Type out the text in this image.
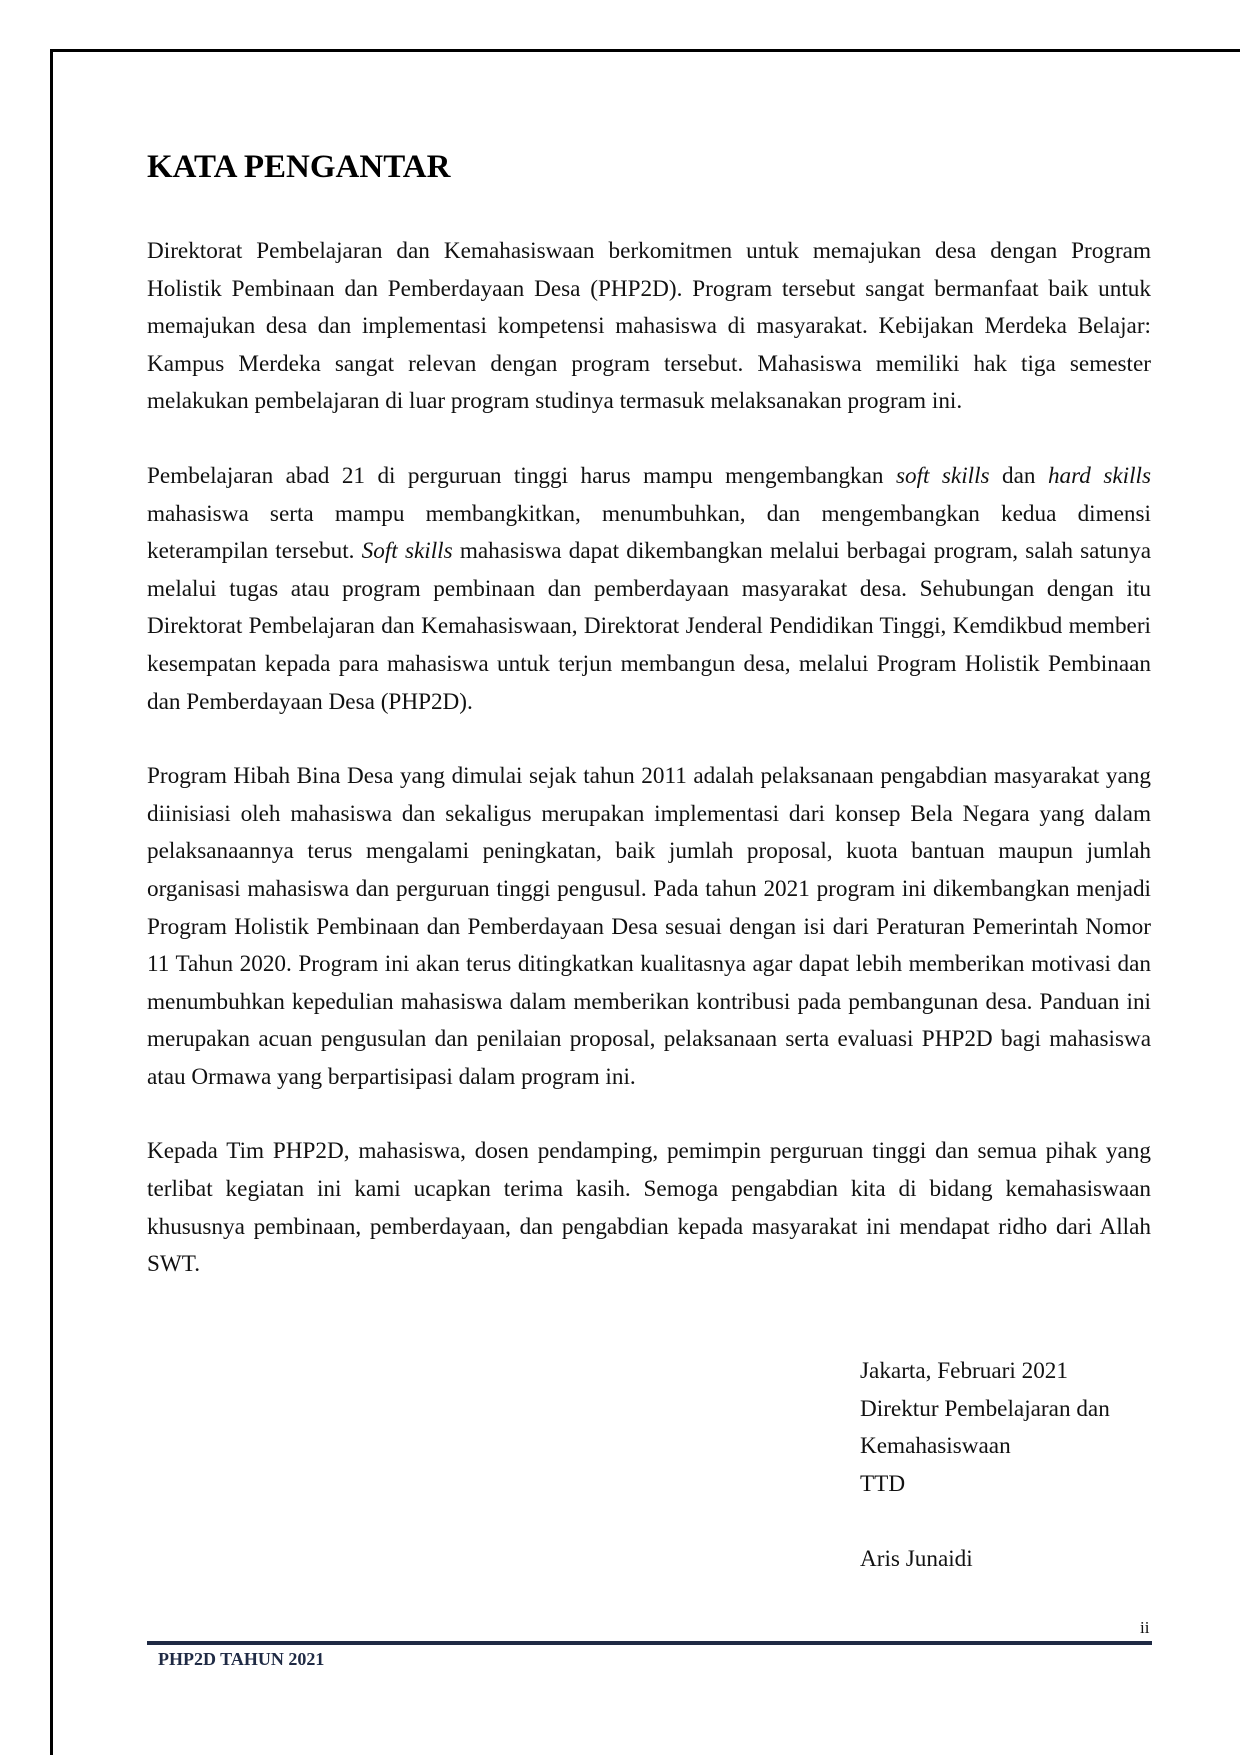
KATA PENGANTAR

Direktorat Pembelajaran dan Kemahasiswaan berkomitmen untuk memajukan desa dengan Program Holistik Pembinaan dan Pemberdayaan Desa (PHP2D). Program tersebut sangat bermanfaat baik untuk memajukan desa dan implementasi kompetensi mahasiswa di masyarakat. Kebijakan Merdeka Belajar: Kampus Merdeka sangat relevan dengan program tersebut. Mahasiswa memiliki hak tiga semester melakukan pembelajaran di luar program studinya termasuk melaksanakan program ini.

Pembelajaran abad 21 di perguruan tinggi harus mampu mengembangkan soft skills dan hard skills mahasiswa serta mampu membangkitkan, menumbuhkan, dan mengembangkan kedua dimensi keterampilan tersebut. Soft skills mahasiswa dapat dikembangkan melalui berbagai program, salah satunya melalui tugas atau program pembinaan dan pemberdayaan masyarakat desa. Sehubungan dengan itu Direktorat Pembelajaran dan Kemahasiswaan, Direktorat Jenderal Pendidikan Tinggi, Kemdikbud memberi kesempatan kepada para mahasiswa untuk terjun membangun desa, melalui Program Holistik Pembinaan dan Pemberdayaan Desa (PHP2D).

Program Hibah Bina Desa yang dimulai sejak tahun 2011 adalah pelaksanaan pengabdian masyarakat yang diinisiasi oleh mahasiswa dan sekaligus merupakan implementasi dari konsep Bela Negara yang dalam pelaksanaannya terus mengalami peningkatan, baik jumlah proposal, kuota bantuan maupun jumlah organisasi mahasiswa dan perguruan tinggi pengusul. Pada tahun 2021 program ini dikembangkan menjadi Program Holistik Pembinaan dan Pemberdayaan Desa sesuai dengan isi dari Peraturan Pemerintah Nomor 11 Tahun 2020. Program ini akan terus ditingkatkan kualitasnya agar dapat lebih memberikan motivasi dan menumbuhkan kepedulian mahasiswa dalam memberikan kontribusi pada pembangunan desa. Panduan ini merupakan acuan pengusulan dan penilaian proposal, pelaksanaan serta evaluasi PHP2D bagi mahasiswa atau Ormawa yang berpartisipasi dalam program ini.

Kepada Tim PHP2D, mahasiswa, dosen pendamping, pemimpin perguruan tinggi dan semua pihak yang terlibat kegiatan ini kami ucapkan terima kasih. Semoga pengabdian kita di bidang kemahasiswaan khususnya pembinaan, pemberdayaan, dan pengabdian kepada masyarakat ini mendapat ridho dari Allah SWT.

Jakarta, Februari 2021
Direktur Pembelajaran dan
Kemahasiswaan
TTD
Aris Junaidi
ii
PHP2D TAHUN 2021
